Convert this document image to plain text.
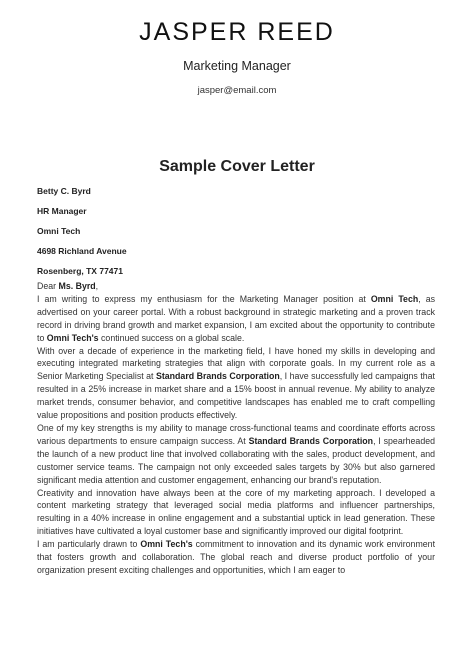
JASPER REED
Marketing Manager
jasper@email.com
Sample Cover Letter
Betty C. Byrd
HR Manager
Omni Tech
4698 Richland Avenue
Rosenberg, TX 77471

Dear Ms. Byrd,

I am writing to express my enthusiasm for the Marketing Manager position at Omni Tech, as advertised on your career portal. With a robust background in strategic marketing and a proven track record in driving brand growth and market expansion, I am excited about the opportunity to contribute to Omni Tech's continued success on a global scale.

With over a decade of experience in the marketing field, I have honed my skills in developing and executing integrated marketing strategies that align with corporate goals. In my current role as a Senior Marketing Specialist at Standard Brands Corporation, I have successfully led campaigns that resulted in a 25% increase in market share and a 15% boost in annual revenue. My ability to analyze market trends, consumer behavior, and competitive landscapes has enabled me to craft compelling value propositions and position products effectively.

One of my key strengths is my ability to manage cross-functional teams and coordinate efforts across various departments to ensure campaign success. At Standard Brands Corporation, I spearheaded the launch of a new product line that involved collaborating with the sales, product development, and customer service teams. The campaign not only exceeded sales targets by 30% but also garnered significant media attention and customer engagement, enhancing our brand's reputation.

Creativity and innovation have always been at the core of my marketing approach. I developed a content marketing strategy that leveraged social media platforms and influencer partnerships, resulting in a 40% increase in online engagement and a substantial uptick in lead generation. These initiatives have cultivated a loyal customer base and significantly improved our digital footprint.

I am particularly drawn to Omni Tech's commitment to innovation and its dynamic work environment that fosters growth and collaboration. The global reach and diverse product portfolio of your organization present exciting challenges and opportunities, which I am eager to
